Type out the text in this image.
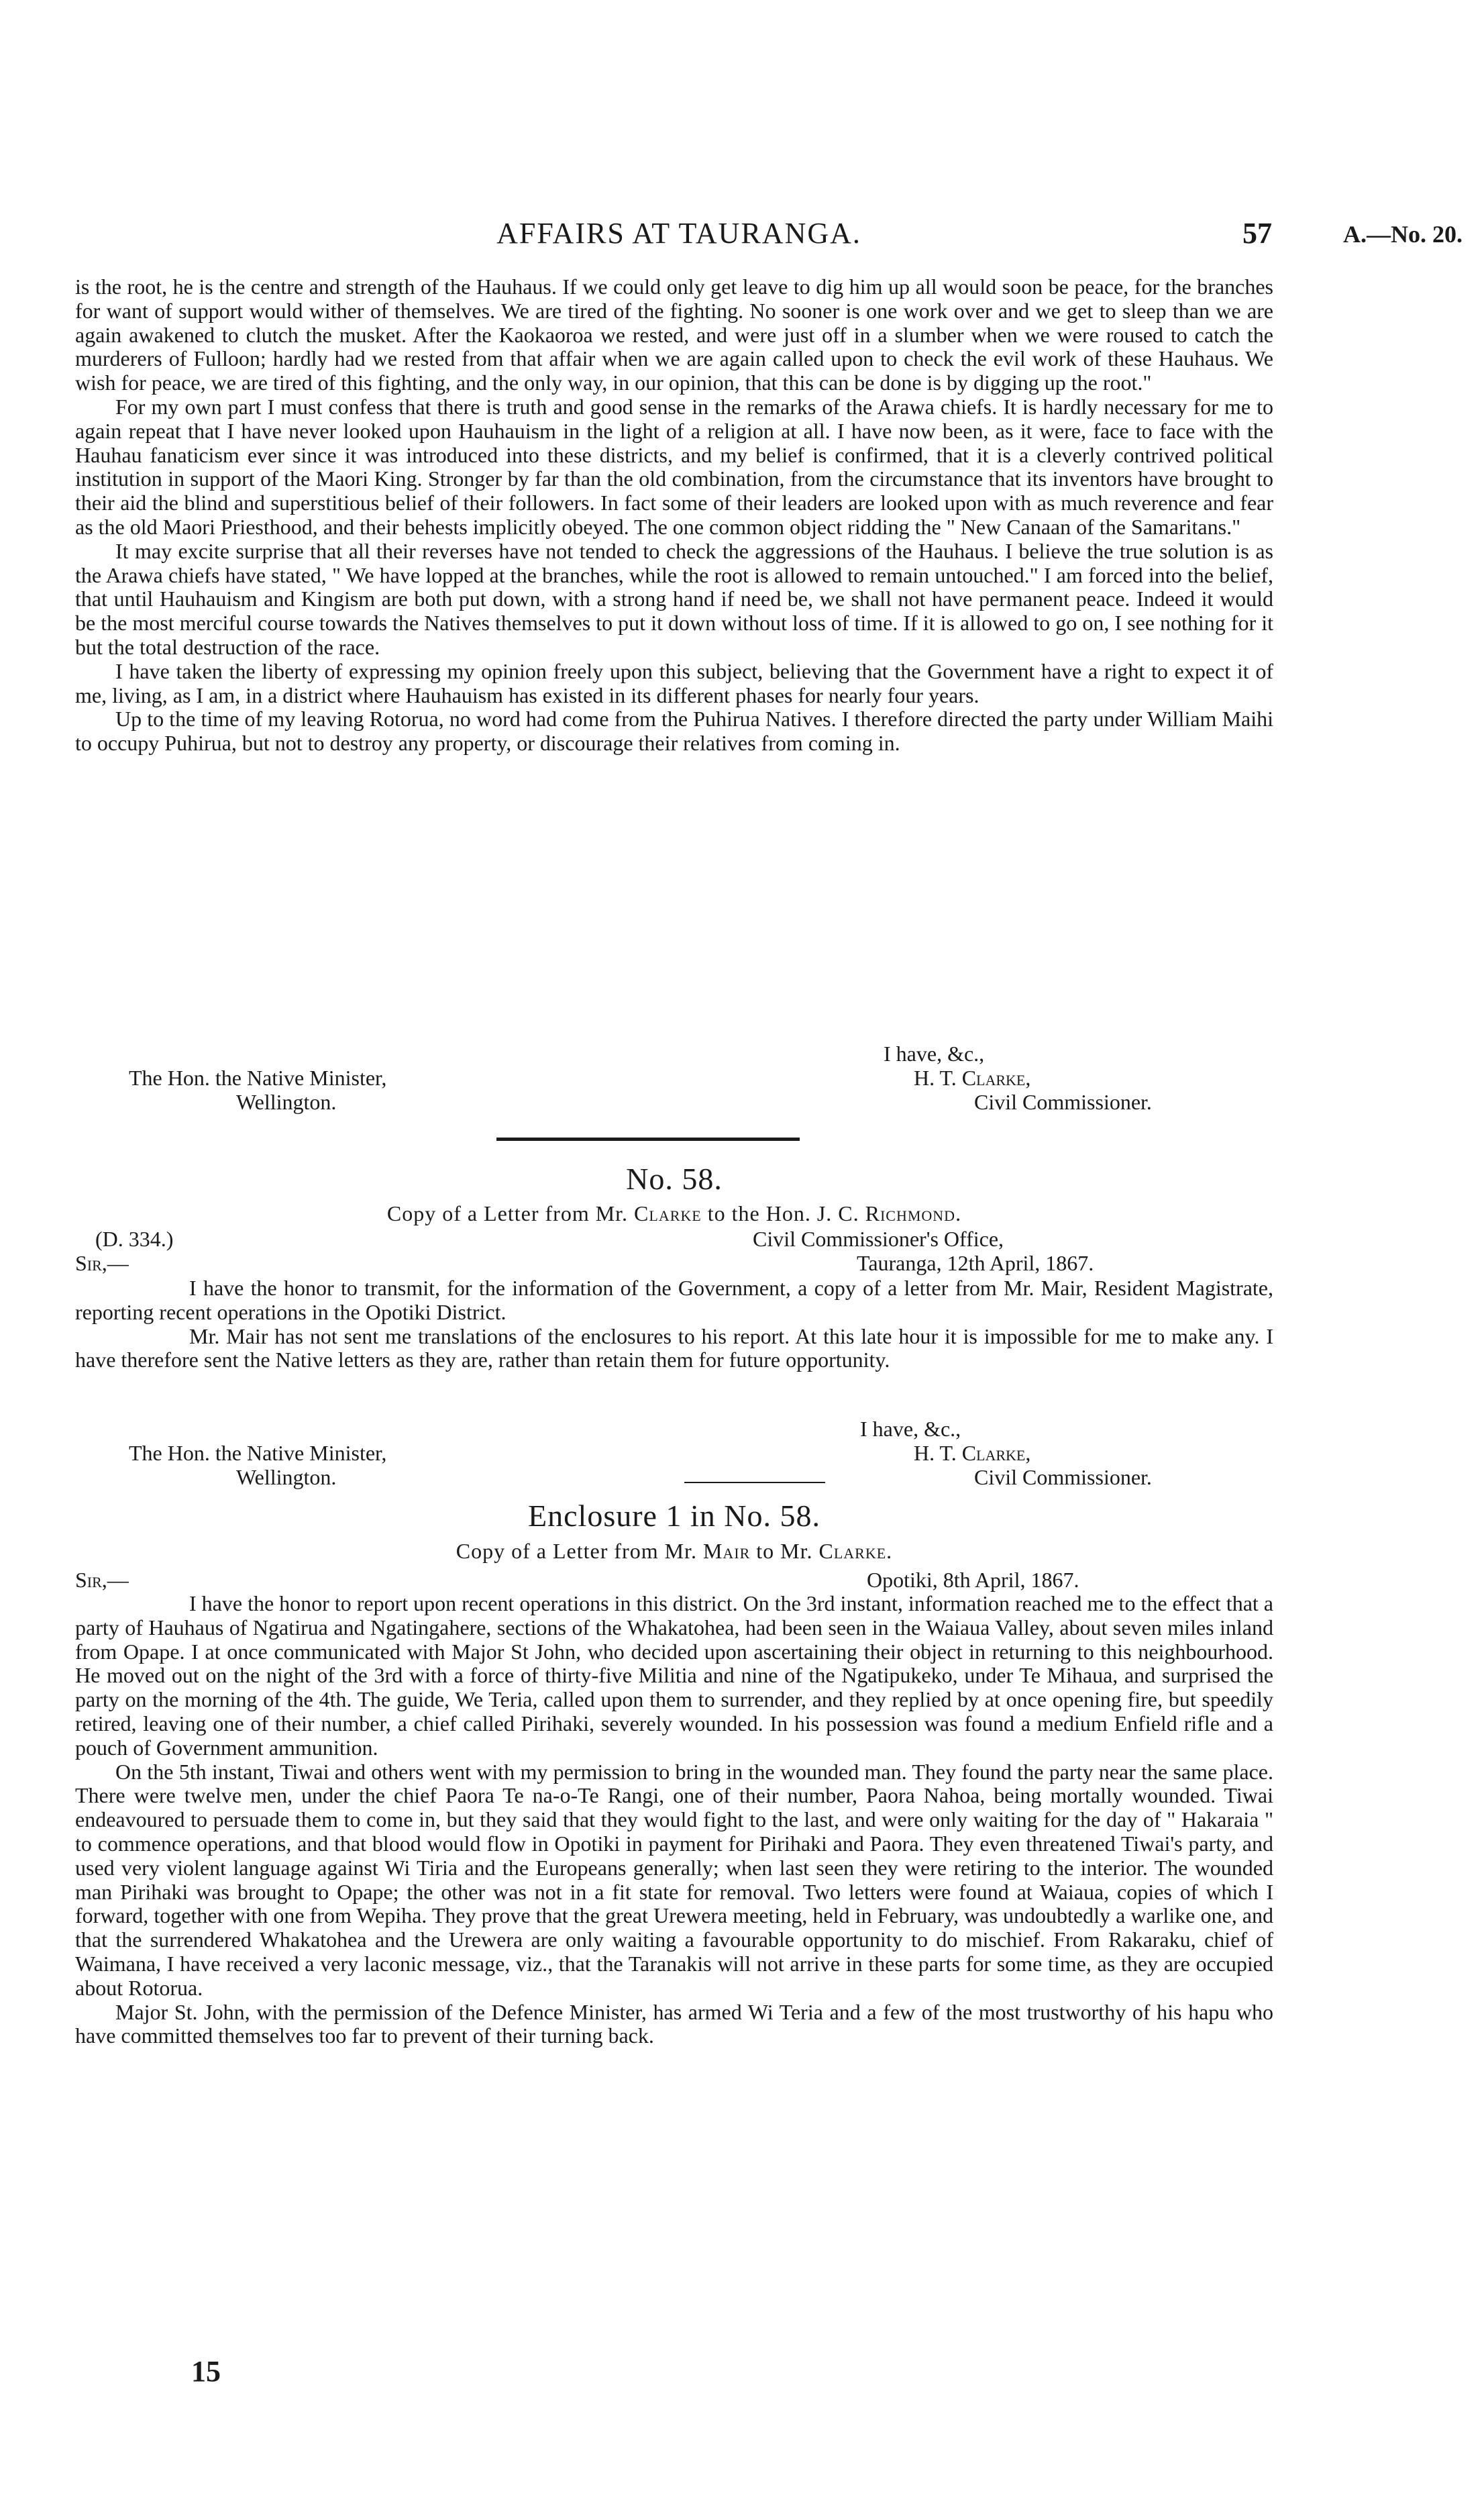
AFFAIRS AT TAURANGA.	57	A.—No. 20.

is the root, he is the centre and strength of the Hauhaus. If we could only get leave to dig him up all would soon be peace, for the branches for want of support would wither of themselves. We are tired of the fighting. No sooner is one work over and we get to sleep than we are again awakened to clutch the musket. After the Kaokaoroa we rested, and were just off in a slumber when we were roused to catch the murderers of Fulloon; hardly had we rested from that affair when we are again called upon to check the evil work of these Hauhaus. We wish for peace, we are tired of this fighting, and the only way, in our opinion, that this can be done is by digging up the root."

For my own part I must confess that there is truth and good sense in the remarks of the Arawa chiefs. It is hardly necessary for me to again repeat that I have never looked upon Hauhauism in the light of a religion at all. I have now been, as it were, face to face with the Hauhau fanaticism ever since it was introduced into these districts, and my belief is confirmed, that it is a cleverly contrived political institution in support of the Maori King. Stronger by far than the old combination, from the circumstance that its inventors have brought to their aid the blind and superstitious belief of their followers. In fact some of their leaders are looked upon with as much reverence and fear as the old Maori Priesthood, and their behests implicitly obeyed. The one common object ridding the " New Canaan of the Samaritans."

It may excite surprise that all their reverses have not tended to check the aggressions of the Hauhaus. I believe the true solution is as the Arawa chiefs have stated, " We have lopped at the branches, while the root is allowed to remain untouched." I am forced into the belief, that until Hauhauism and Kingism are both put down, with a strong hand if need be, we shall not have permanent peace. Indeed it would be the most merciful course towards the Natives themselves to put it down without loss of time. If it is allowed to go on, I see nothing for it but the total destruction of the race.

I have taken the liberty of expressing my opinion freely upon this subject, believing that the Government have a right to expect it of me, living, as I am, in a district where Hauhauism has existed in its different phases for nearly four years.

Up to the time of my leaving Rotorua, no word had come from the Puhirua Natives. I therefore directed the party under William Maihi to occupy Puhirua, but not to destroy any property, or discourage their relatives from coming in.

I have, &c.,
The Hon. the Native Minister,	H. T. Clarke,
Wellington.	Civil Commissioner.
No. 58.
Copy of a Letter from Mr. Clarke to the Hon. J. C. Richmond.
(D. 334.)	Civil Commissioner's Office,
Sir,—	Tauranga, 12th April, 1867.

I have the honor to transmit, for the information of the Government, a copy of a letter from Mr. Mair, Resident Magistrate, reporting recent operations in the Opotiki District.

Mr. Mair has not sent me translations of the enclosures to his report. At this late hour it is impossible for me to make any. I have therefore sent the Native letters as they are, rather than retain them for future opportunity.

I have, &c.,
The Hon. the Native Minister,	H. T. Clarke,
Wellington.	Civil Commissioner.
Enclosure 1 in No. 58.
Copy of a Letter from Mr. Mair to Mr. Clarke.
Sir,—	Opotiki, 8th April, 1867.

I have the honor to report upon recent operations in this district. On the 3rd instant, information reached me to the effect that a party of Hauhaus of Ngatirua and Ngatingahere, sections of the Whakatohea, had been seen in the Waiaua Valley, about seven miles inland from Opape. I at once communicated with Major St John, who decided upon ascertaining their object in returning to this neighbourhood. He moved out on the night of the 3rd with a force of thirty-five Militia and nine of the Ngatipukeko, under Te Mihaua, and surprised the party on the morning of the 4th. The guide, We Teria, called upon them to surrender, and they replied by at once opening fire, but speedily retired, leaving one of their number, a chief called Pirihaki, severely wounded. In his possession was found a medium Enfield rifle and a pouch of Government ammunition.

On the 5th instant, Tiwai and others went with my permission to bring in the wounded man. They found the party near the same place. There were twelve men, under the chief Paora Te na-o-Te Rangi, one of their number, Paora Nahoa, being mortally wounded. Tiwai endeavoured to persuade them to come in, but they said that they would fight to the last, and were only waiting for the day of " Hakaraia " to commence operations, and that blood would flow in Opotiki in payment for Pirihaki and Paora. They even threatened Tiwai's party, and used very violent language against Wi Tiria and the Europeans generally; when last seen they were retiring to the interior. The wounded man Pirihaki was brought to Opape; the other was not in a fit state for removal. Two letters were found at Waiaua, copies of which I forward, together with one from Wepiha. They prove that the great Urewera meeting, held in February, was undoubtedly a warlike one, and that the surrendered Whakatohea and the Urewera are only waiting a favourable opportunity to do mischief. From Rakaraku, chief of Waimana, I have received a very laconic message, viz., that the Taranakis will not arrive in these parts for some time, as they are occupied about Rotorua.

Major St. John, with the permission of the Defence Minister, has armed Wi Teria and a few of the most trustworthy of his hapu who have committed themselves too far to prevent of their turning back.

15
